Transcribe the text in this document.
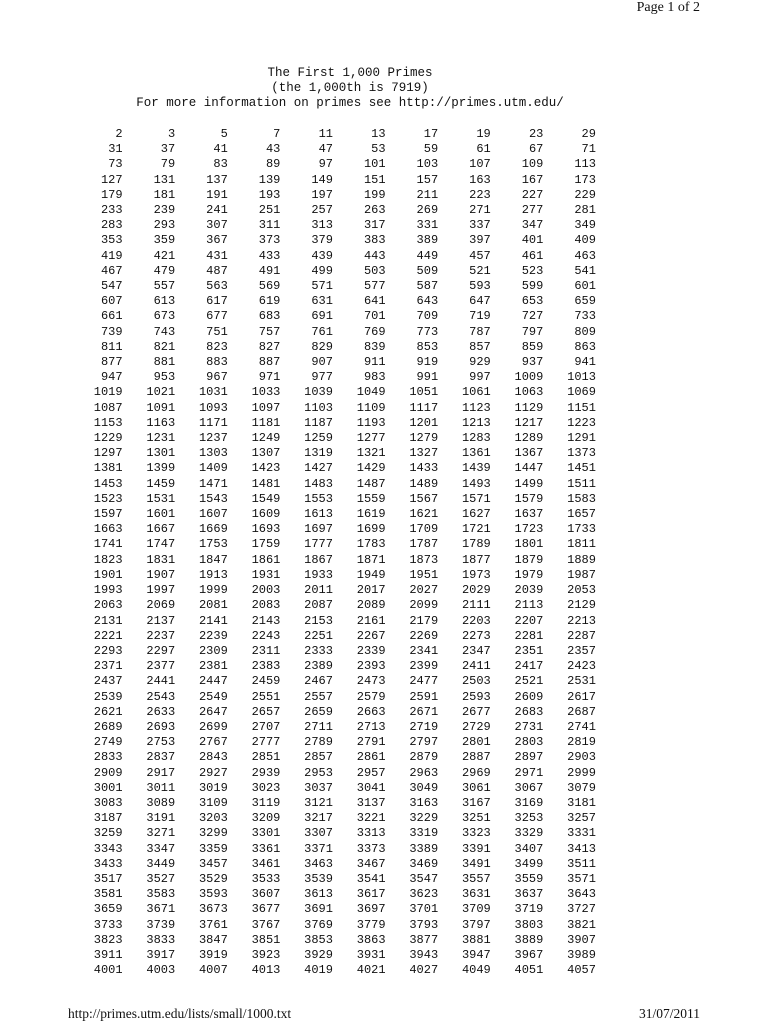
Page 1 of 2
The First 1,000 Primes
(the 1,000th is 7919)
For more information on primes see http://primes.utm.edu/
2	3	5	7	11	13	17	19	23	29
31	37	41	43	47	53	59	61	67	71
73	79	83	89	97	101	103	107	109	113
127	131	137	139	149	151	157	163	167	173
179	181	191	193	197	199	211	223	227	229
233	239	241	251	257	263	269	271	277	281
283	293	307	311	313	317	331	337	347	349
353	359	367	373	379	383	389	397	401	409
419	421	431	433	439	443	449	457	461	463
467	479	487	491	499	503	509	521	523	541
547	557	563	569	571	577	587	593	599	601
607	613	617	619	631	641	643	647	653	659
661	673	677	683	691	701	709	719	727	733
739	743	751	757	761	769	773	787	797	809
811	821	823	827	829	839	853	857	859	863
877	881	883	887	907	911	919	929	937	941
947	953	967	971	977	983	991	997	1009	1013
1019	1021	1031	1033	1039	1049	1051	1061	1063	1069
1087	1091	1093	1097	1103	1109	1117	1123	1129	1151
1153	1163	1171	1181	1187	1193	1201	1213	1217	1223
1229	1231	1237	1249	1259	1277	1279	1283	1289	1291
1297	1301	1303	1307	1319	1321	1327	1361	1367	1373
1381	1399	1409	1423	1427	1429	1433	1439	1447	1451
1453	1459	1471	1481	1483	1487	1489	1493	1499	1511
1523	1531	1543	1549	1553	1559	1567	1571	1579	1583
1597	1601	1607	1609	1613	1619	1621	1627	1637	1657
1663	1667	1669	1693	1697	1699	1709	1721	1723	1733
1741	1747	1753	1759	1777	1783	1787	1789	1801	1811
1823	1831	1847	1861	1867	1871	1873	1877	1879	1889
1901	1907	1913	1931	1933	1949	1951	1973	1979	1987
1993	1997	1999	2003	2011	2017	2027	2029	2039	2053
2063	2069	2081	2083	2087	2089	2099	2111	2113	2129
2131	2137	2141	2143	2153	2161	2179	2203	2207	2213
2221	2237	2239	2243	2251	2267	2269	2273	2281	2287
2293	2297	2309	2311	2333	2339	2341	2347	2351	2357
2371	2377	2381	2383	2389	2393	2399	2411	2417	2423
2437	2441	2447	2459	2467	2473	2477	2503	2521	2531
2539	2543	2549	2551	2557	2579	2591	2593	2609	2617
2621	2633	2647	2657	2659	2663	2671	2677	2683	2687
2689	2693	2699	2707	2711	2713	2719	2729	2731	2741
2749	2753	2767	2777	2789	2791	2797	2801	2803	2819
2833	2837	2843	2851	2857	2861	2879	2887	2897	2903
2909	2917	2927	2939	2953	2957	2963	2969	2971	2999
3001	3011	3019	3023	3037	3041	3049	3061	3067	3079
3083	3089	3109	3119	3121	3137	3163	3167	3169	3181
3187	3191	3203	3209	3217	3221	3229	3251	3253	3257
3259	3271	3299	3301	3307	3313	3319	3323	3329	3331
3343	3347	3359	3361	3371	3373	3389	3391	3407	3413
3433	3449	3457	3461	3463	3467	3469	3491	3499	3511
3517	3527	3529	3533	3539	3541	3547	3557	3559	3571
3581	3583	3593	3607	3613	3617	3623	3631	3637	3643
3659	3671	3673	3677	3691	3697	3701	3709	3719	3727
3733	3739	3761	3767	3769	3779	3793	3797	3803	3821
3823	3833	3847	3851	3853	3863	3877	3881	3889	3907
3911	3917	3919	3923	3929	3931	3943	3947	3967	3989
4001	4003	4007	4013	4019	4021	4027	4049	4051	4057
http://primes.utm.edu/lists/small/1000.txt	31/07/2011
